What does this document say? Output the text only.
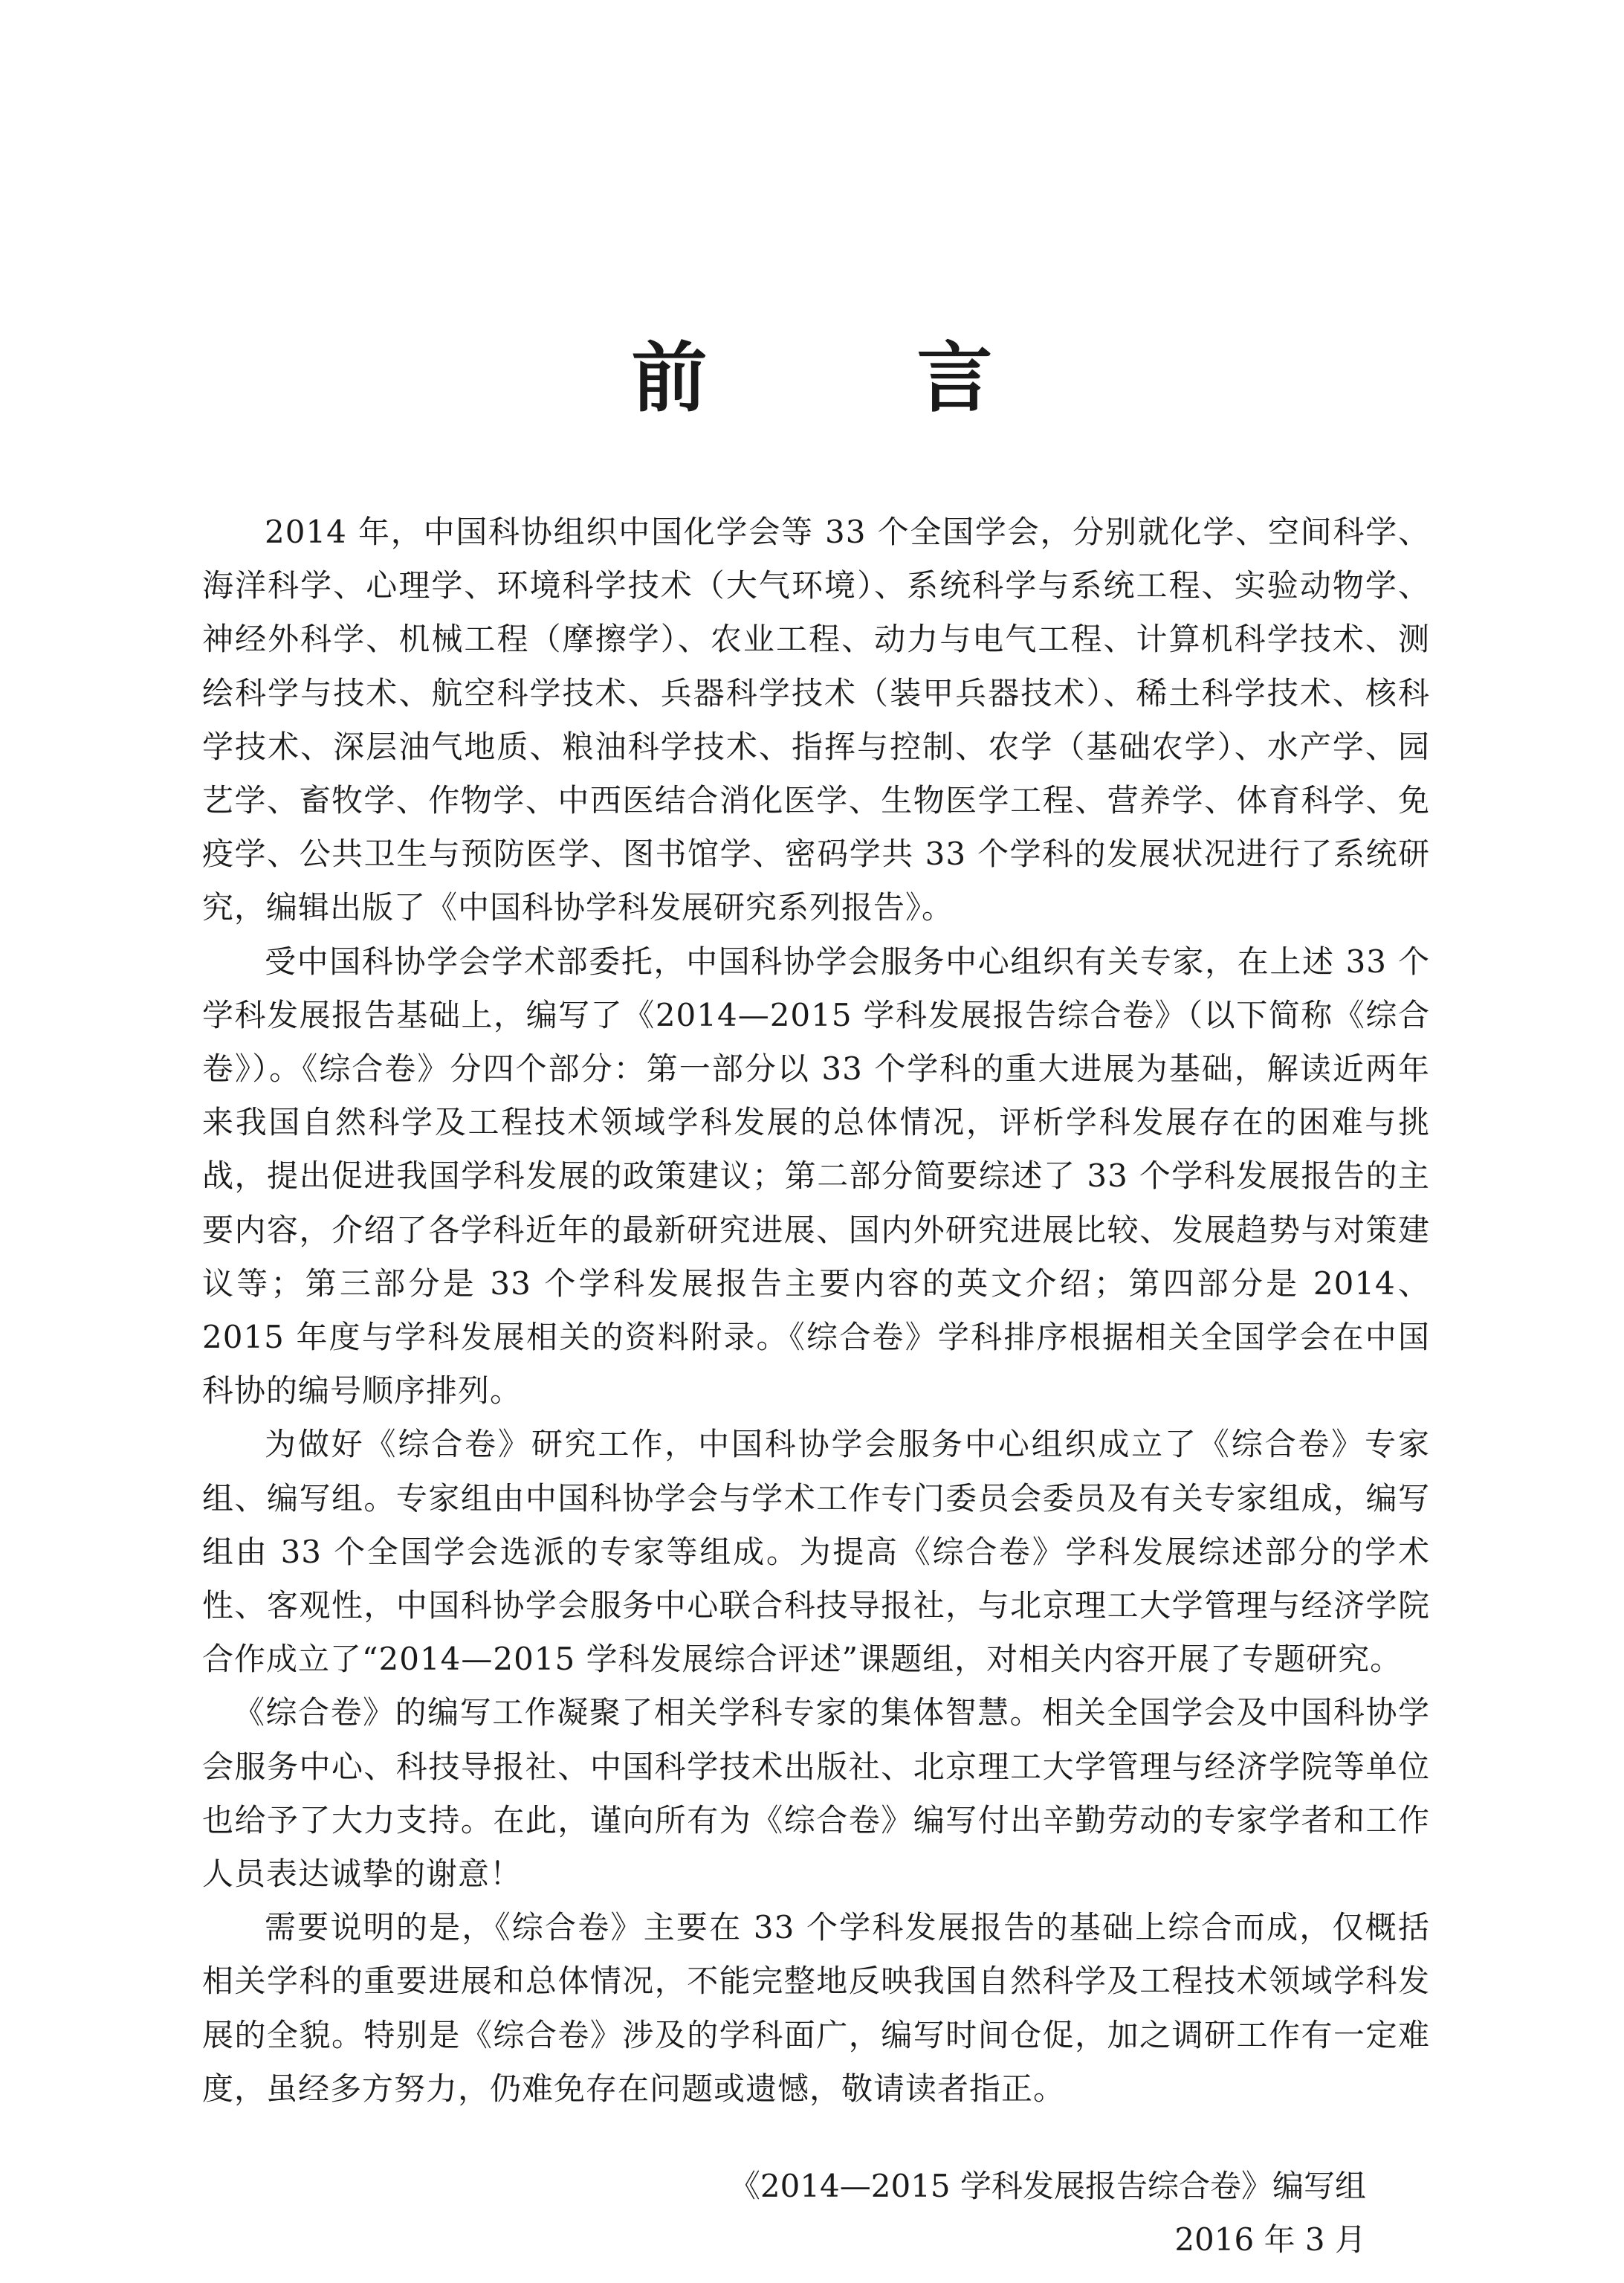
前　言

2014 年，中国科协组织中国化学会等 33 个全国学会，分别就化学、空间科学、海洋科学、心理学、环境科学技术（大气环境）、系统科学与系统工程、实验动物学、神经外科学、机械工程（摩擦学）、农业工程、动力与电气工程、计算机科学技术、测绘科学与技术、航空科学技术、兵器科学技术（装甲兵器技术）、稀土科学技术、核科学技术、深层油气地质、粮油科学技术、指挥与控制、农学（基础农学）、水产学、园艺学、畜牧学、作物学、中西医结合消化医学、生物医学工程、营养学、体育科学、免疫学、公共卫生与预防医学、图书馆学、密码学共 33 个学科的发展状况进行了系统研究，编辑出版了《中国科协学科发展研究系列报告》。

受中国科协学会学术部委托，中国科协学会服务中心组织有关专家，在上述 33 个学科发展报告基础上，编写了《2014—2015 学科发展报告综合卷》（以下简称《综合卷》）。《综合卷》分四个部分：第一部分以 33 个学科的重大进展为基础，解读近两年来我国自然科学及工程技术领域学科发展的总体情况，评析学科发展存在的困难与挑战，提出促进我国学科发展的政策建议；第二部分简要综述了 33 个学科发展报告的主要内容，介绍了各学科近年的最新研究进展、国内外研究进展比较、发展趋势与对策建议等；第三部分是 33 个学科发展报告主要内容的英文介绍；第四部分是 2014、2015 年度与学科发展相关的资料附录。《综合卷》学科排序根据相关全国学会在中国科协的编号顺序排列。

为做好《综合卷》研究工作，中国科协学会服务中心组织成立了《综合卷》专家组、编写组。专家组由中国科协学会与学术工作专门委员会委员及有关专家组成，编写组由 33 个全国学会选派的专家等组成。为提高《综合卷》学科发展综述部分的学术性、客观性，中国科协学会服务中心联合科技导报社，与北京理工大学管理与经济学院合作成立了“2014—2015 学科发展综合评述”课题组，对相关内容开展了专题研究。

《综合卷》的编写工作凝聚了相关学科专家的集体智慧。相关全国学会及中国科协学会服务中心、科技导报社、中国科学技术出版社、北京理工大学管理与经济学院等单位也给予了大力支持。在此，谨向所有为《综合卷》编写付出辛勤劳动的专家学者和工作人员表达诚挚的谢意！

需要说明的是，《综合卷》主要在 33 个学科发展报告的基础上综合而成，仅概括相关学科的重要进展和总体情况，不能完整地反映我国自然科学及工程技术领域学科发展的全貌。特别是《综合卷》涉及的学科面广，编写时间仓促，加之调研工作有一定难度，虽经多方努力，仍难免存在问题或遗憾，敬请读者指正。

《2014—2015 学科发展报告综合卷》编写组
2016 年 3 月
